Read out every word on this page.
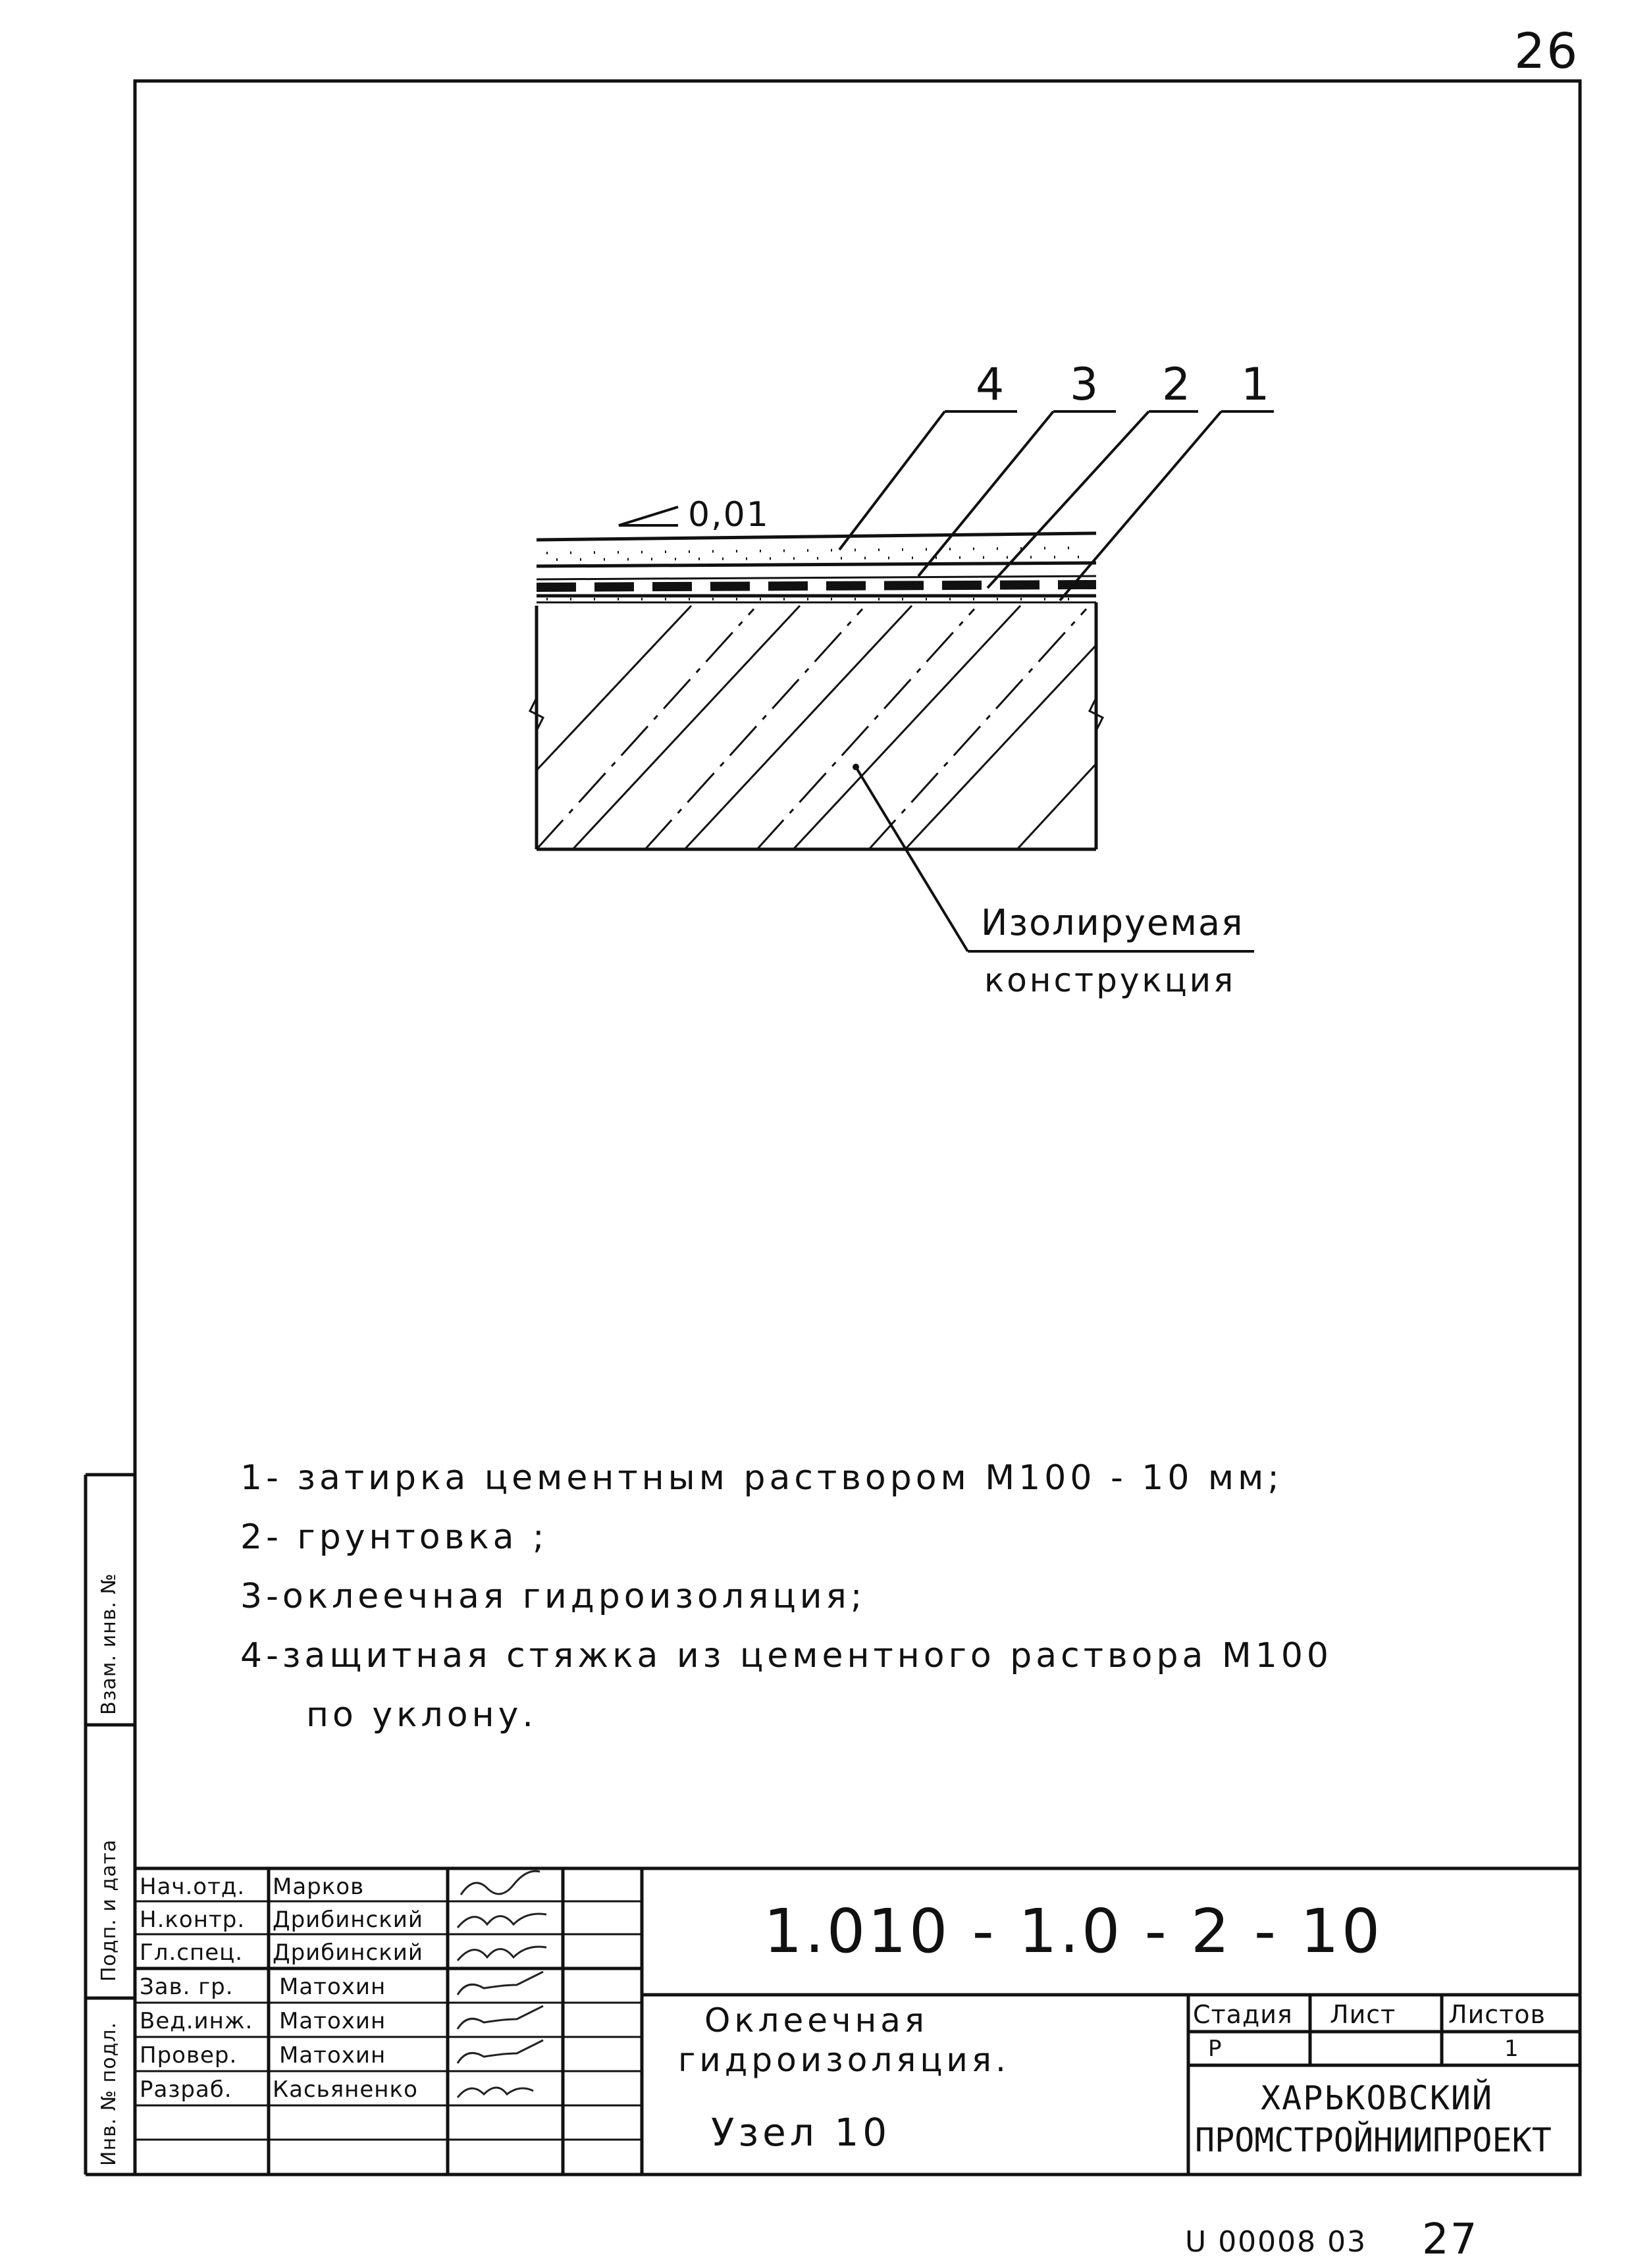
26
4 3 2 1
0,01
Изолируемая
конструкция
1- затирка цементным раствором М100 - 10 мм;
2- грунтовка ;
3-оклеечная гидроизоляция;
4-защитная стяжка из цементного раствора М100
по уклону.
Взам. инв. №
Подп. и дата
Инв. № подл.
Нач.отд. Марков
Н.контр. Дрибинский
Гл.спец. Дрибинский
Зав. гр. Матохин
Вед.инж. Матохин
Провер. Матохин
Разраб. Касьяненко
1.010 - 1.0 - 2 - 10
Оклеечная
гидроизоляция.
Узел 10
Стадия Лист Листов
Р	1
ХАРЬКОВСКИЙ
ПРОМСТРОЙНИИПРОЕКТ
U 00008 03 27
